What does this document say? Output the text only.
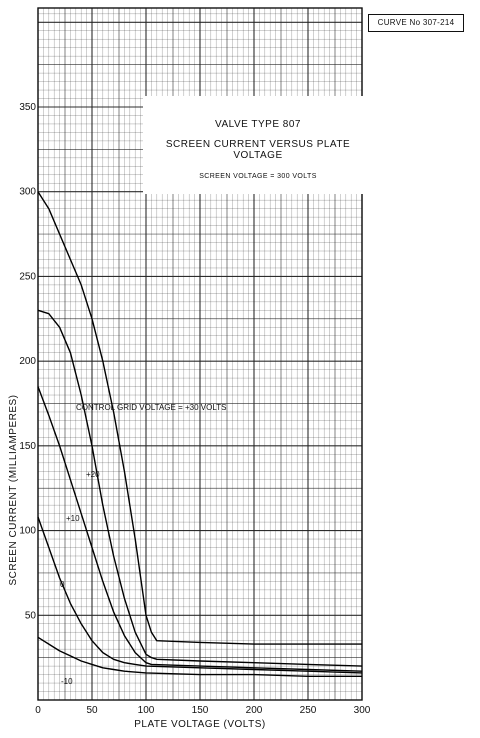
0	50	100	150	200	250	300
50
100
150
200
250
300
350
PLATE VOLTAGE (VOLTS)
SCREEN CURRENT (MILLIAMPERES)	CONTROL GRID VOLTAGE = +30 VOLTS
+20
+10
0
-10
CURVE No 307-214
VALVE TYPE 807
SCREEN CURRENT VERSUS PLATE VOLTAGE
SCREEN VOLTAGE = 300 VOLTS
